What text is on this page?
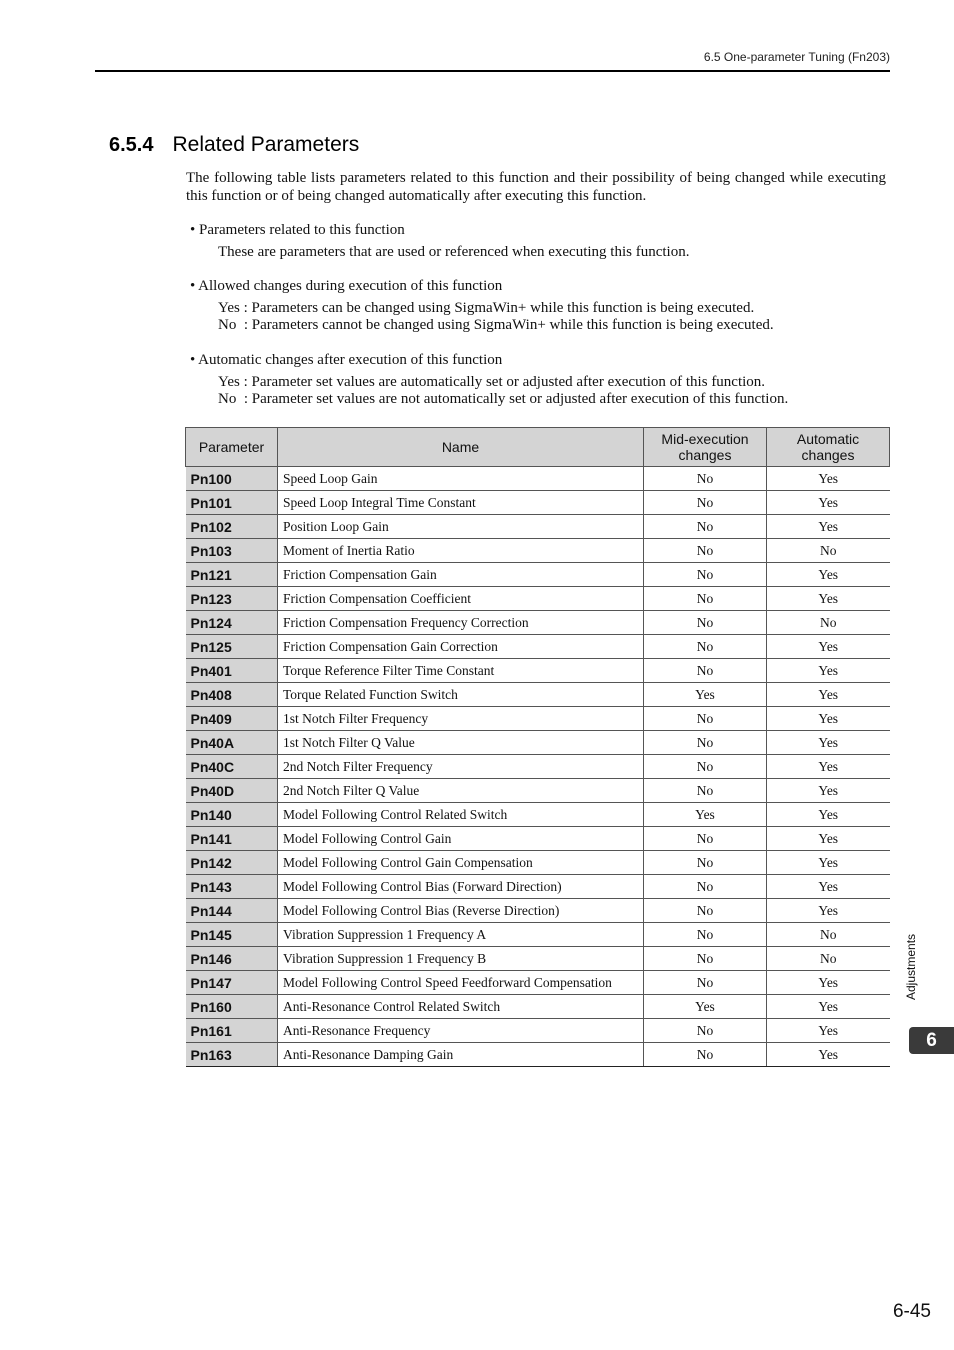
6.5 One-parameter Tuning (Fn203)
6.5.4 Related Parameters

The following table lists parameters related to this function and their possibility of being changed while executing this function or of being changed automatically after executing this function.

• Parameters related to this function
These are parameters that are used or referenced when executing this function.
• Allowed changes during execution of this function
Yes : Parameters can be changed using SigmaWin+ while this function is being executed.
No  : Parameters cannot be changed using SigmaWin+ while this function is being executed.
• Automatic changes after execution of this function
Yes : Parameter set values are automatically set or adjusted after execution of this function.
No  : Parameter set values are not automatically set or adjusted after execution of this function.
Parameter	Name	Mid-execution changes	Automatic changes
Pn100	Speed Loop Gain	No	Yes
Pn101	Speed Loop Integral Time Constant	No	Yes
Pn102	Position Loop Gain	No	Yes
Pn103	Moment of Inertia Ratio	No	No
Pn121	Friction Compensation Gain	No	Yes
Pn123	Friction Compensation Coefficient	No	Yes
Pn124	Friction Compensation Frequency Correction	No	No
Pn125	Friction Compensation Gain Correction	No	Yes
Pn401	Torque Reference Filter Time Constant	No	Yes
Pn408	Torque Related Function Switch	Yes	Yes
Pn409	1st Notch Filter Frequency	No	Yes
Pn40A	1st Notch Filter Q Value	No	Yes
Pn40C	2nd Notch Filter Frequency	No	Yes
Pn40D	2nd Notch Filter Q Value	No	Yes
Pn140	Model Following Control Related Switch	Yes	Yes
Pn141	Model Following Control Gain	No	Yes
Pn142	Model Following Control Gain Compensation	No	Yes
Pn143	Model Following Control Bias (Forward Direction)	No	Yes
Pn144	Model Following Control Bias (Reverse Direction)	No	Yes
Pn145	Vibration Suppression 1 Frequency A	No	No
Pn146	Vibration Suppression 1 Frequency B	No	No
Pn147	Model Following Control Speed Feedforward Compensation	No	Yes
Pn160	Anti-Resonance Control Related Switch	Yes	Yes
Pn161	Anti-Resonance Frequency	No	Yes
Pn163	Anti-Resonance Damping Gain	No	Yes
Adjustments
6
6-45
